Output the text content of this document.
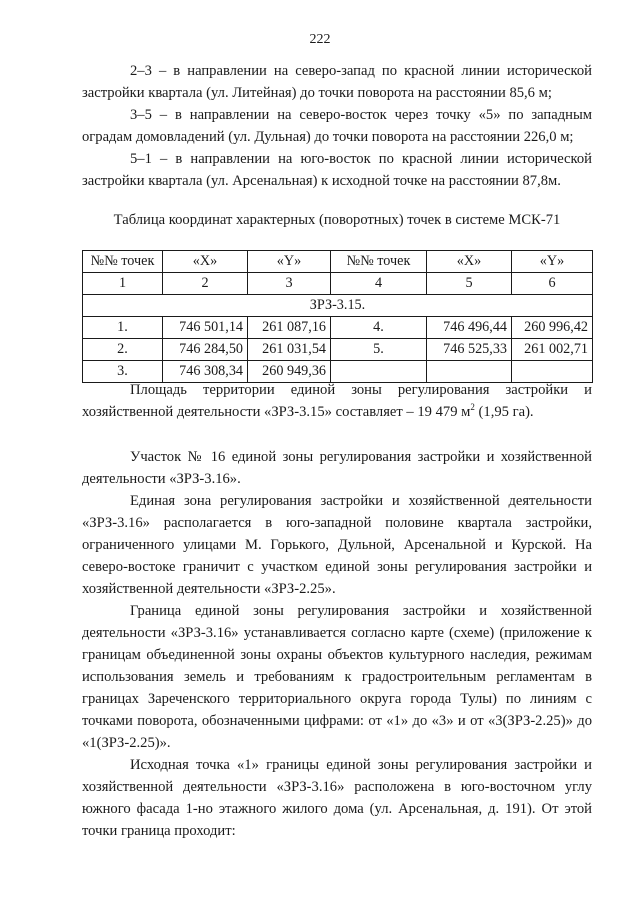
222

2–3 – в направлении на северо-запад по красной линии исторической застройки квартала (ул. Литейная) до точки поворота на расстоянии 85,6 м;

3–5 – в направлении на северо-восток через точку «5» по западным оградам домовладений (ул. Дульная) до точки поворота на расстоянии 226,0 м;

5–1 – в направлении на юго-восток по красной линии исторической застройки квартала (ул. Арсенальная) к исходной точке на расстоянии 87,8м.

Таблица координат характерных (поворотных) точек в системе МСК-71
№№ точек	«X»	«Y»	№№ точек	«X»	«Y»
1	2	3	4	5	6
ЗРЗ-3.15.					
1.	746 501,14	261 087,16	4.	746 496,44	260 996,42
2.	746 284,50	261 031,54	5.	746 525,33	261 002,71
3.	746 308,34	260 949,36			

Площадь территории единой зоны регулирования застройки и хозяйственной деятельности «ЗРЗ-3.15» составляет – 19 479 $м^2$ (1,95 га).

Участок № 16 единой зоны регулирования застройки и хозяйственной деятельности «ЗРЗ-3.16».

Единая зона регулирования застройки и хозяйственной деятельности «ЗРЗ-3.16» располагается в юго-западной половине квартала застройки, ограниченного улицами М. Горького, Дульной, Арсенальной и Курской. На северо-востоке граничит с участком единой зоны регулирования застройки и хозяйственной деятельности «ЗРЗ-2.25».

Граница единой зоны регулирования застройки и хозяйственной деятельности «ЗРЗ-3.16» устанавливается согласно карте (схеме) (приложение к границам объединенной зоны охраны объектов культурного наследия, режимам использования земель и требованиям к градостроительным регламентам в границах Зареченского территориального округа города Тулы) по линиям с точками поворота, обозначенными цифрами: от «1» до «3» и от «3(ЗРЗ-2.25)» до «1(ЗРЗ-2.25)».

Исходная точка «1» границы единой зоны регулирования застройки и хозяйственной деятельности «ЗРЗ-3.16» расположена в юго-восточном углу южного фасада 1-но этажного жилого дома (ул. Арсенальная, д. 191). От этой точки граница проходит:
